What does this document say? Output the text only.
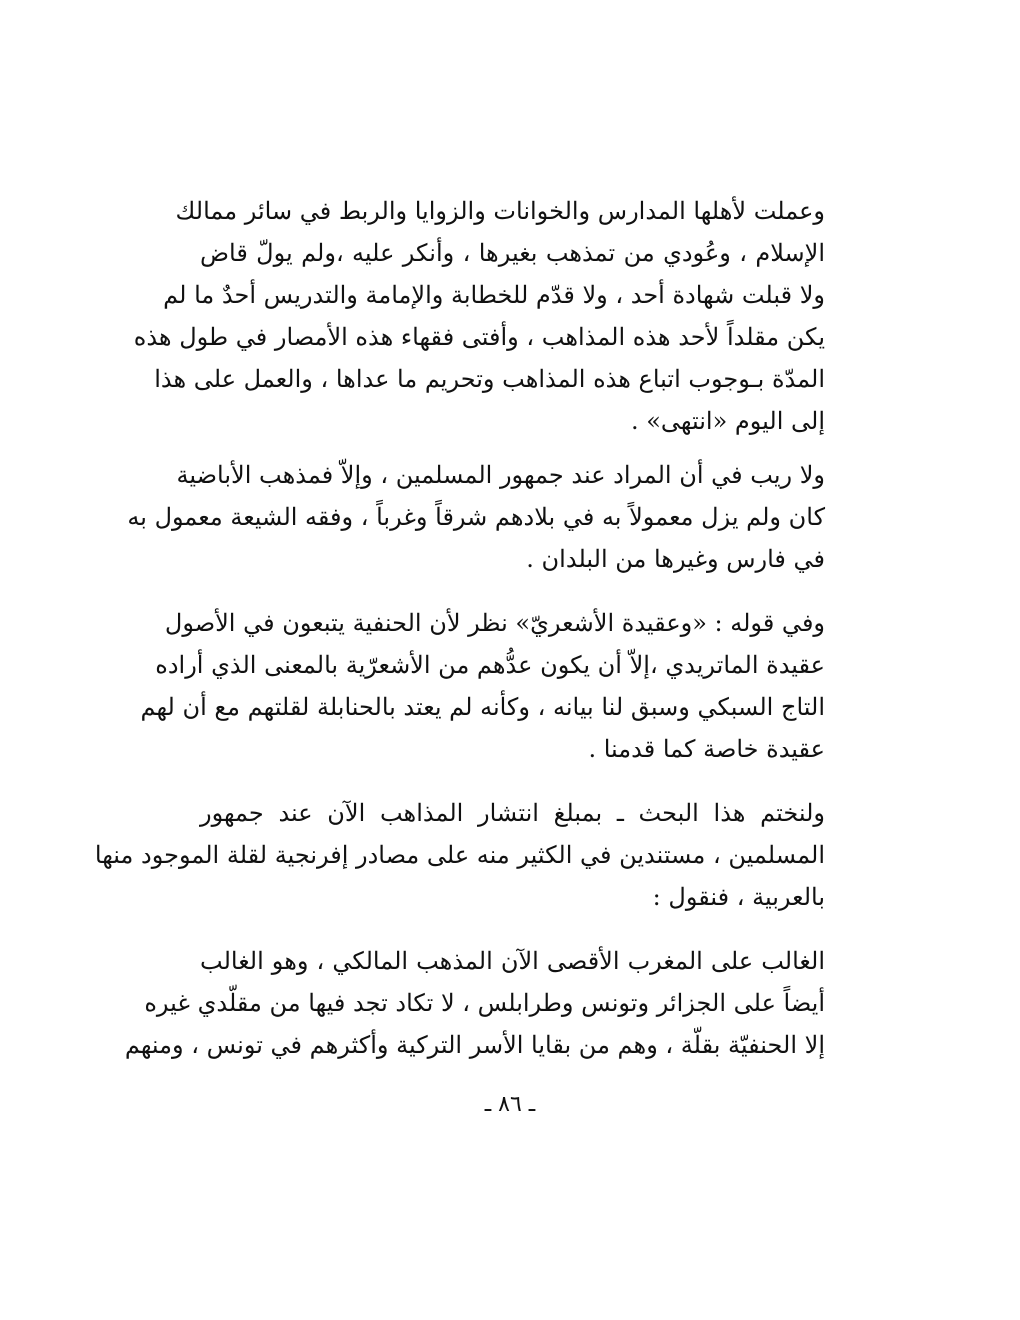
وعملت لأهلها المدارس والخوانات والزوايا والربط في سائر ممالك
الإسلام ، وعُودي من تمذهب بغيرها ، وأنكر عليه ،ولم يولّ قاض
ولا قبلت شهادة أحد ، ولا قدّم للخطابة والإمامة والتدريس أحدٌ ما لم
يكن مقلداً لأحد هذه المذاهب ، وأفتى فقهاء هذه الأمصار في طول هذه
المدّة بـوجوب اتباع هذه المذاهب وتحريم ما عداها ، والعمل على هذا
إلى اليوم «انتهى» .
ولا ريب في أن المراد عند جمهور المسلمين ، وإلاّ فمذهب الأباضية
كان ولم يزل معمولاً به في بلادهم شرقاً وغرباً ، وفقه الشيعة معمول به
في فارس وغيرها من البلدان .
وفي قوله : «وعقيدة الأشعريّ» نظر لأن الحنفية يتبعون في الأصول
عقيدة الماتريدي ،إلاّ أن يكون عدُّهم من الأشعرّية بالمعنى الذي أراده
التاج السبكي وسبق لنا بيانه ، وكأنه لم يعتد بالحنابلة لقلتهم مع أن لهم
عقيدة خاصة كما قدمنا .
ولنختم هذا البحث ـ بمبلغ انتشار المذاهب الآن عند جمهور
المسلمين ، مستندين في الكثير منه على مصادر إفرنجية لقلة الموجود منها
بالعربية ، فنقول :
الغالب على المغرب الأقصى الآن المذهب المالكي ، وهو الغالب
أيضاً على الجزائر وتونس وطرابلس ، لا تكاد تجد فيها من مقلّدي غيره
إلا الحنفيّة بقلّة ، وهم من بقايا الأسر التركية وأكثرهم في تونس ، ومنهم
ـ ٨٦ ـ
